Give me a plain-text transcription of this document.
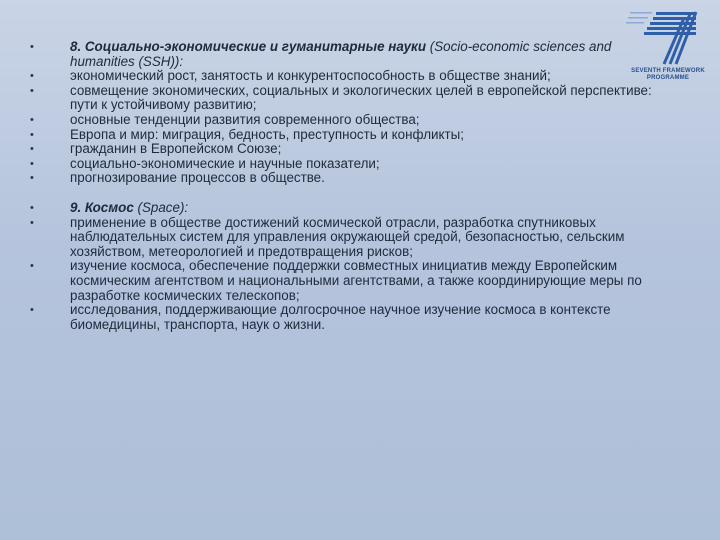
SEVENTH FRAMEWORK
PROGRAMME
• 8. Социально-экономические и гуманитарные науки (Socio-economic sciences and humanities (SSH)):
• экономический рост, занятость и конкурентоспособность в обществе знаний;
• совмещение экономических, социальных и экологических целей в европейской перспективе: пути к устойчивому развитию;
• основные тенденции развития современного общества;
• Европа и мир: миграция, бедность, преступность и конфликты;
• гражданин в Европейском Союзе;
• социально-экономические и научные показатели;
• прогнозирование процессов в обществе.
• 9. Космос (Space):
• применение в обществе достижений космической отрасли, разработка спутниковых наблюдательных систем для управления окружающей средой, безопасностью, сельским хозяйством, метеорологией и предотвращения рисков;
• изучение космоса, обеспечение поддержки совместных инициатив между Европейским космическим агентством и национальными агентствами, а также координирующие меры по разработке космических телескопов;
• исследования, поддерживающие долгосрочное научное изучение космоса в контексте биомедицины, транспорта, наук о жизни.
